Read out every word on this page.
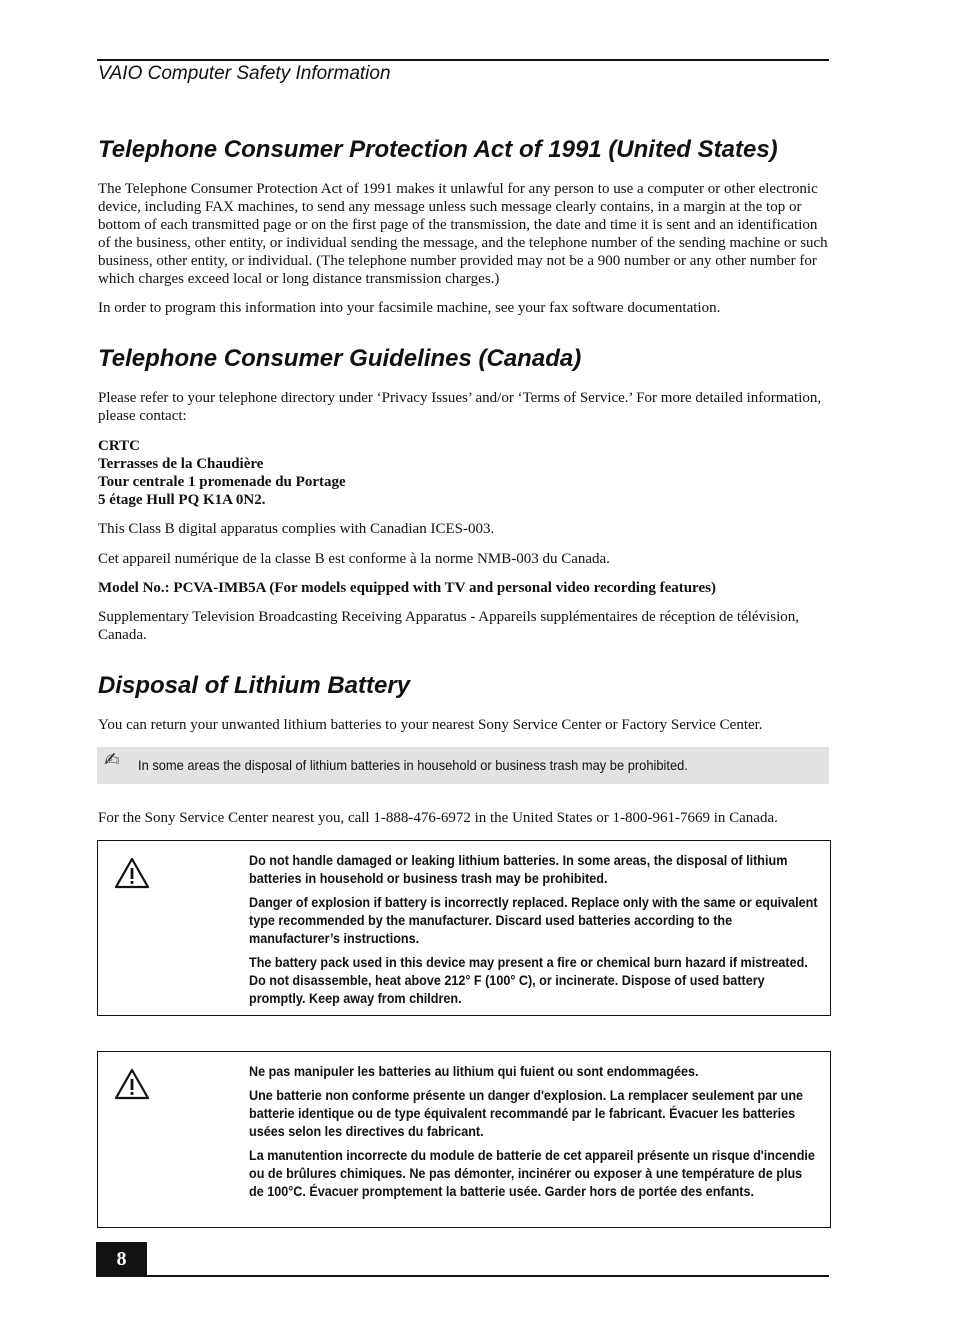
VAIO Computer Safety Information
Telephone Consumer Protection Act of 1991 (United States)

The Telephone Consumer Protection Act of 1991 makes it unlawful for any person to use a computer or other electronic device, including FAX machines, to send any message unless such message clearly contains, in a margin at the top or bottom of each transmitted page or on the first page of the transmission, the date and time it is sent and an identification of the business, other entity, or individual sending the message, and the telephone number of the sending machine or such business, other entity, or individual. (The telephone number provided may not be a 900 number or any other number for which charges exceed local or long distance transmission charges.)

In order to program this information into your facsimile machine, see your fax software documentation.

Telephone Consumer Guidelines (Canada)

Please refer to your telephone directory under ‘Privacy Issues’ and/or ‘Terms of Service.’ For more detailed information, please contact:

CRTC
Terrasses de la Chaudière
Tour centrale 1 promenade du Portage
5 étage Hull PQ K1A 0N2.

This Class B digital apparatus complies with Canadian ICES-003.

Cet appareil numérique de la classe B est conforme à la norme NMB-003 du Canada.

Model No.: PCVA-IMB5A (For models equipped with TV and personal video recording features)

Supplementary Television Broadcasting Receiving Apparatus - Appareils supplémentaires de réception de télévision, Canada.

Disposal of Lithium Battery

You can return your unwanted lithium batteries to your nearest Sony Service Center or Factory Service Center.

✍ In some areas the disposal of lithium batteries in household or business trash may be prohibited.

For the Sony Service Center nearest you, call 1-888-476-6972 in the United States or 1-800-961-7669 in Canada.

Do not handle damaged or leaking lithium batteries. In some areas, the disposal of lithium batteries in household or business trash may be prohibited.

Danger of explosion if battery is incorrectly replaced. Replace only with the same or equivalent type recommended by the manufacturer. Discard used batteries according to the manufacturer’s instructions.

The battery pack used in this device may present a fire or chemical burn hazard if mistreated. Do not disassemble, heat above 212° F (100° C), or incinerate. Dispose of used battery promptly. Keep away from children.

Ne pas manipuler les batteries au lithium qui fuient ou sont endommagées.

Une batterie non conforme présente un danger d'explosion. La remplacer seulement par une batterie identique ou de type équivalent recommandé par le fabricant. Évacuer les batteries usées selon les directives du fabricant.

La manutention incorrecte du module de batterie de cet appareil présente un risque d'incendie ou de brûlures chimiques. Ne pas démonter, incinérer ou exposer à une température de plus de 100°C. Évacuer promptement la batterie usée. Garder hors de portée des enfants.

8
